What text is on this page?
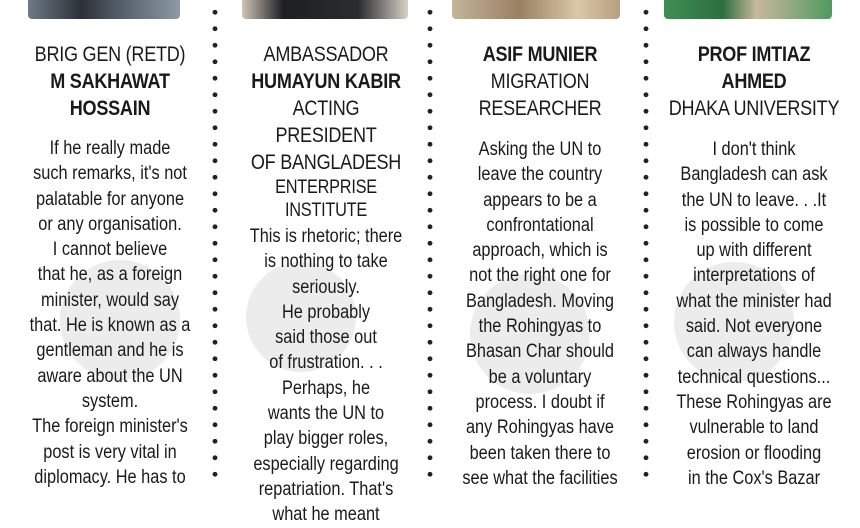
BRIG GEN (RETD)
M SAKHAWAT
HOSSAIN
If he really made
such remarks, it's not
palatable for anyone
or any organisation.
I cannot believe
that he, as a foreign
minister, would say
that. He is known as a
gentleman and he is
aware about the UN
system.
The foreign minister's
post is very vital in
diplomacy. He has to
AMBASSADOR
HUMAYUN KABIR
ACTING PRESIDENT
OF BANGLADESH
ENTERPRISE
INSTITUTE
This is rhetoric; there
is nothing to take
seriously.
He probably
said those out
of frustration. . .
Perhaps, he
wants the UN to
play bigger roles,
especially regarding
repatriation. That's
what he meant
ASIF MUNIER
MIGRATION
RESEARCHER
Asking the UN to
leave the country
appears to be a
confrontational
approach, which is
not the right one for
Bangladesh. Moving
the Rohingyas to
Bhasan Char should
be a voluntary
process. I doubt if
any Rohingyas have
been taken there to
see what the facilities
PROF IMTIAZ
AHMED
DHAKA UNIVERSITY
I don't think
Bangladesh can ask
the UN to leave. . .It
is possible to come
up with different
interpretations of
what the minister had
said. Not everyone
can always handle
technical questions...
These Rohingyas are
vulnerable to land
erosion or flooding
in the Cox's Bazar
